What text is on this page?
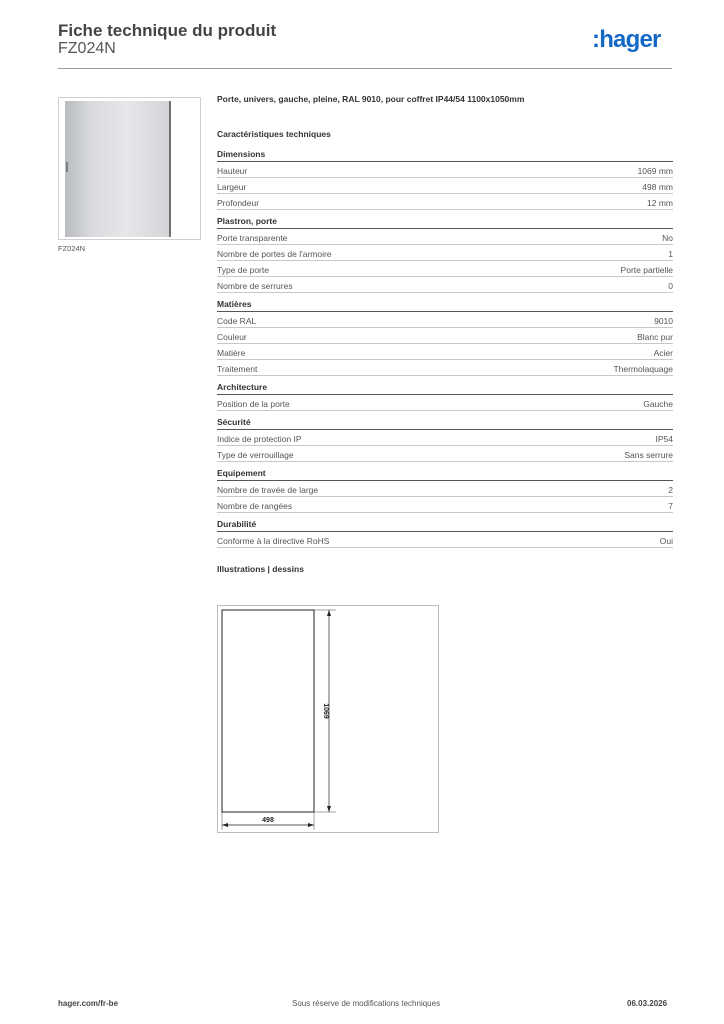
Fiche technique du produit
FZ024N	:hager
FZ024N
Porte, univers, gauche, pleine, RAL 9010, pour coffret IP44/54 1100x1050mm
Caractéristiques techniques
Dimensions
Hauteur	1069 mm
Largeur	498 mm
Profondeur	12 mm
Plastron, porte
Porte transparente	No
Nombre de portes de l'armoire	1
Type de porte	Porte partielle
Nombre de serrures	0
Matières
Code RAL	9010
Couleur	Blanc pur
Matière	Acier
Traitement	Thermolaquage
Architecture
Position de la porte	Gauche
Sécurité
Indice de protection IP	IP54
Type de verrouillage	Sans serrure
Equipement
Nombre de travée de large	2
Nombre de rangées	7
Durabilité
Conforme à la directive RoHS	Oui
Illustrations | dessins
1069
498
hager.com/fr-be	Sous réserve de modifications techniques	06.03.2026
